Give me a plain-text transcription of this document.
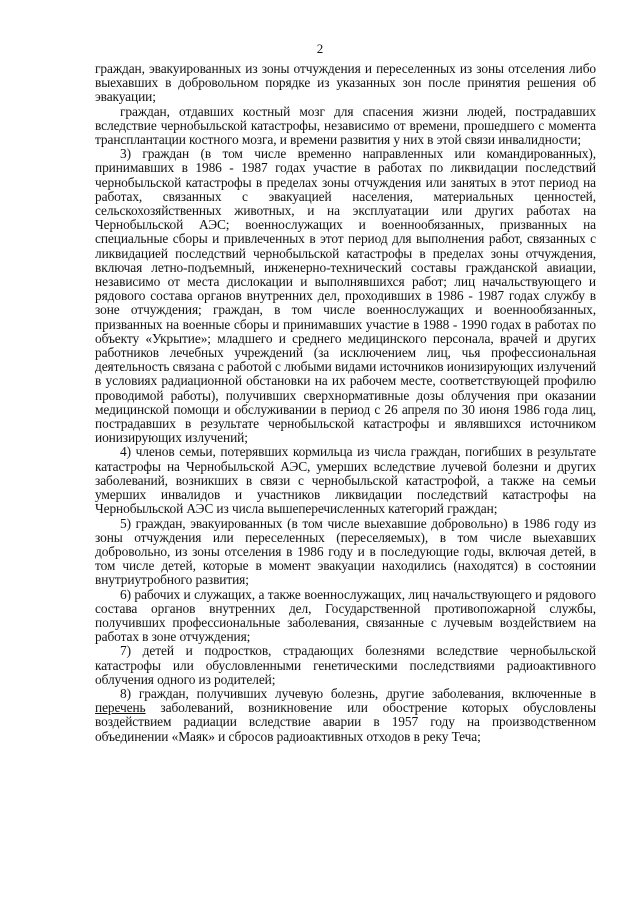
2

граждан, эвакуированных из зоны отчуждения и переселенных из зоны отселения либо выехавших в добровольном порядке из указанных зон после принятия решения об эвакуации;

граждан, отдавших костный мозг для спасения жизни людей, пострадавших вследствие чернобыльской катастрофы, независимо от времени, прошедшего с момента трансплантации костного мозга, и времени развития у них в этой связи инвалидности;

3) граждан (в том числе временно направленных или командированных), принимавших в 1986 - 1987 годах участие в работах по ликвидации последствий чернобыльской катастрофы в пределах зоны отчуждения или занятых в этот период на работах, связанных с эвакуацией населения, материальных ценностей, сельскохозяйственных животных, и на эксплуатации или других работах на Чернобыльской АЭС; военнослужащих и военнообязанных, призванных на специальные сборы и привлеченных в этот период для выполнения работ, связанных с ликвидацией последствий чернобыльской катастрофы в пределах зоны отчуждения, включая летно-подъемный, инженерно-технический составы гражданской авиации, независимо от места дислокации и выполнявшихся работ; лиц начальствующего и рядового состава органов внутренних дел, проходивших в 1986 - 1987 годах службу в зоне отчуждения; граждан, в том числе военнослужащих и военнообязанных, призванных на военные сборы и принимавших участие в 1988 - 1990 годах в работах по объекту «Укрытие»; младшего и среднего медицинского персонала, врачей и других работников лечебных учреждений (за исключением лиц, чья профессиональная деятельность связана с работой с любыми видами источников ионизирующих излучений в условиях радиационной обстановки на их рабочем месте, соответствующей профилю проводимой работы), получивших сверхнормативные дозы облучения при оказании медицинской помощи и обслуживании в период с 26 апреля по 30 июня 1986 года лиц, пострадавших в результате чернобыльской катастрофы и являвшихся источником ионизирующих излучений;

4) членов семьи, потерявших кормильца из числа граждан, погибших в результате катастрофы на Чернобыльской АЭС, умерших вследствие лучевой болезни и других заболеваний, возникших в связи с чернобыльской катастрофой, а также на семьи умерших инвалидов и участников ликвидации последствий катастрофы на Чернобыльской АЭС из числа вышеперечисленных категорий граждан;

5) граждан, эвакуированных (в том числе выехавшие добровольно) в 1986 году из зоны отчуждения или переселенных (переселяемых), в том числе выехавших добровольно, из зоны отселения в 1986 году и в последующие годы, включая детей, в том числе детей, которые в момент эвакуации находились (находятся) в состоянии внутриутробного развития;

6) рабочих и служащих, а также военнослужащих, лиц начальствующего и рядового состава органов внутренних дел, Государственной противопожарной службы, получивших профессиональные заболевания, связанные с лучевым воздействием на работах в зоне отчуждения;

7) детей и подростков, страдающих болезнями вследствие чернобыльской катастрофы или обусловленными генетическими последствиями радиоактивного облучения одного из родителей;

8) граждан, получивших лучевую болезнь, другие заболевания, включенные в перечень заболеваний, возникновение или обострение которых обусловлены воздействием радиации вследствие аварии в 1957 году на производственном объединении «Маяк» и сбросов радиоактивных отходов в реку Теча;
